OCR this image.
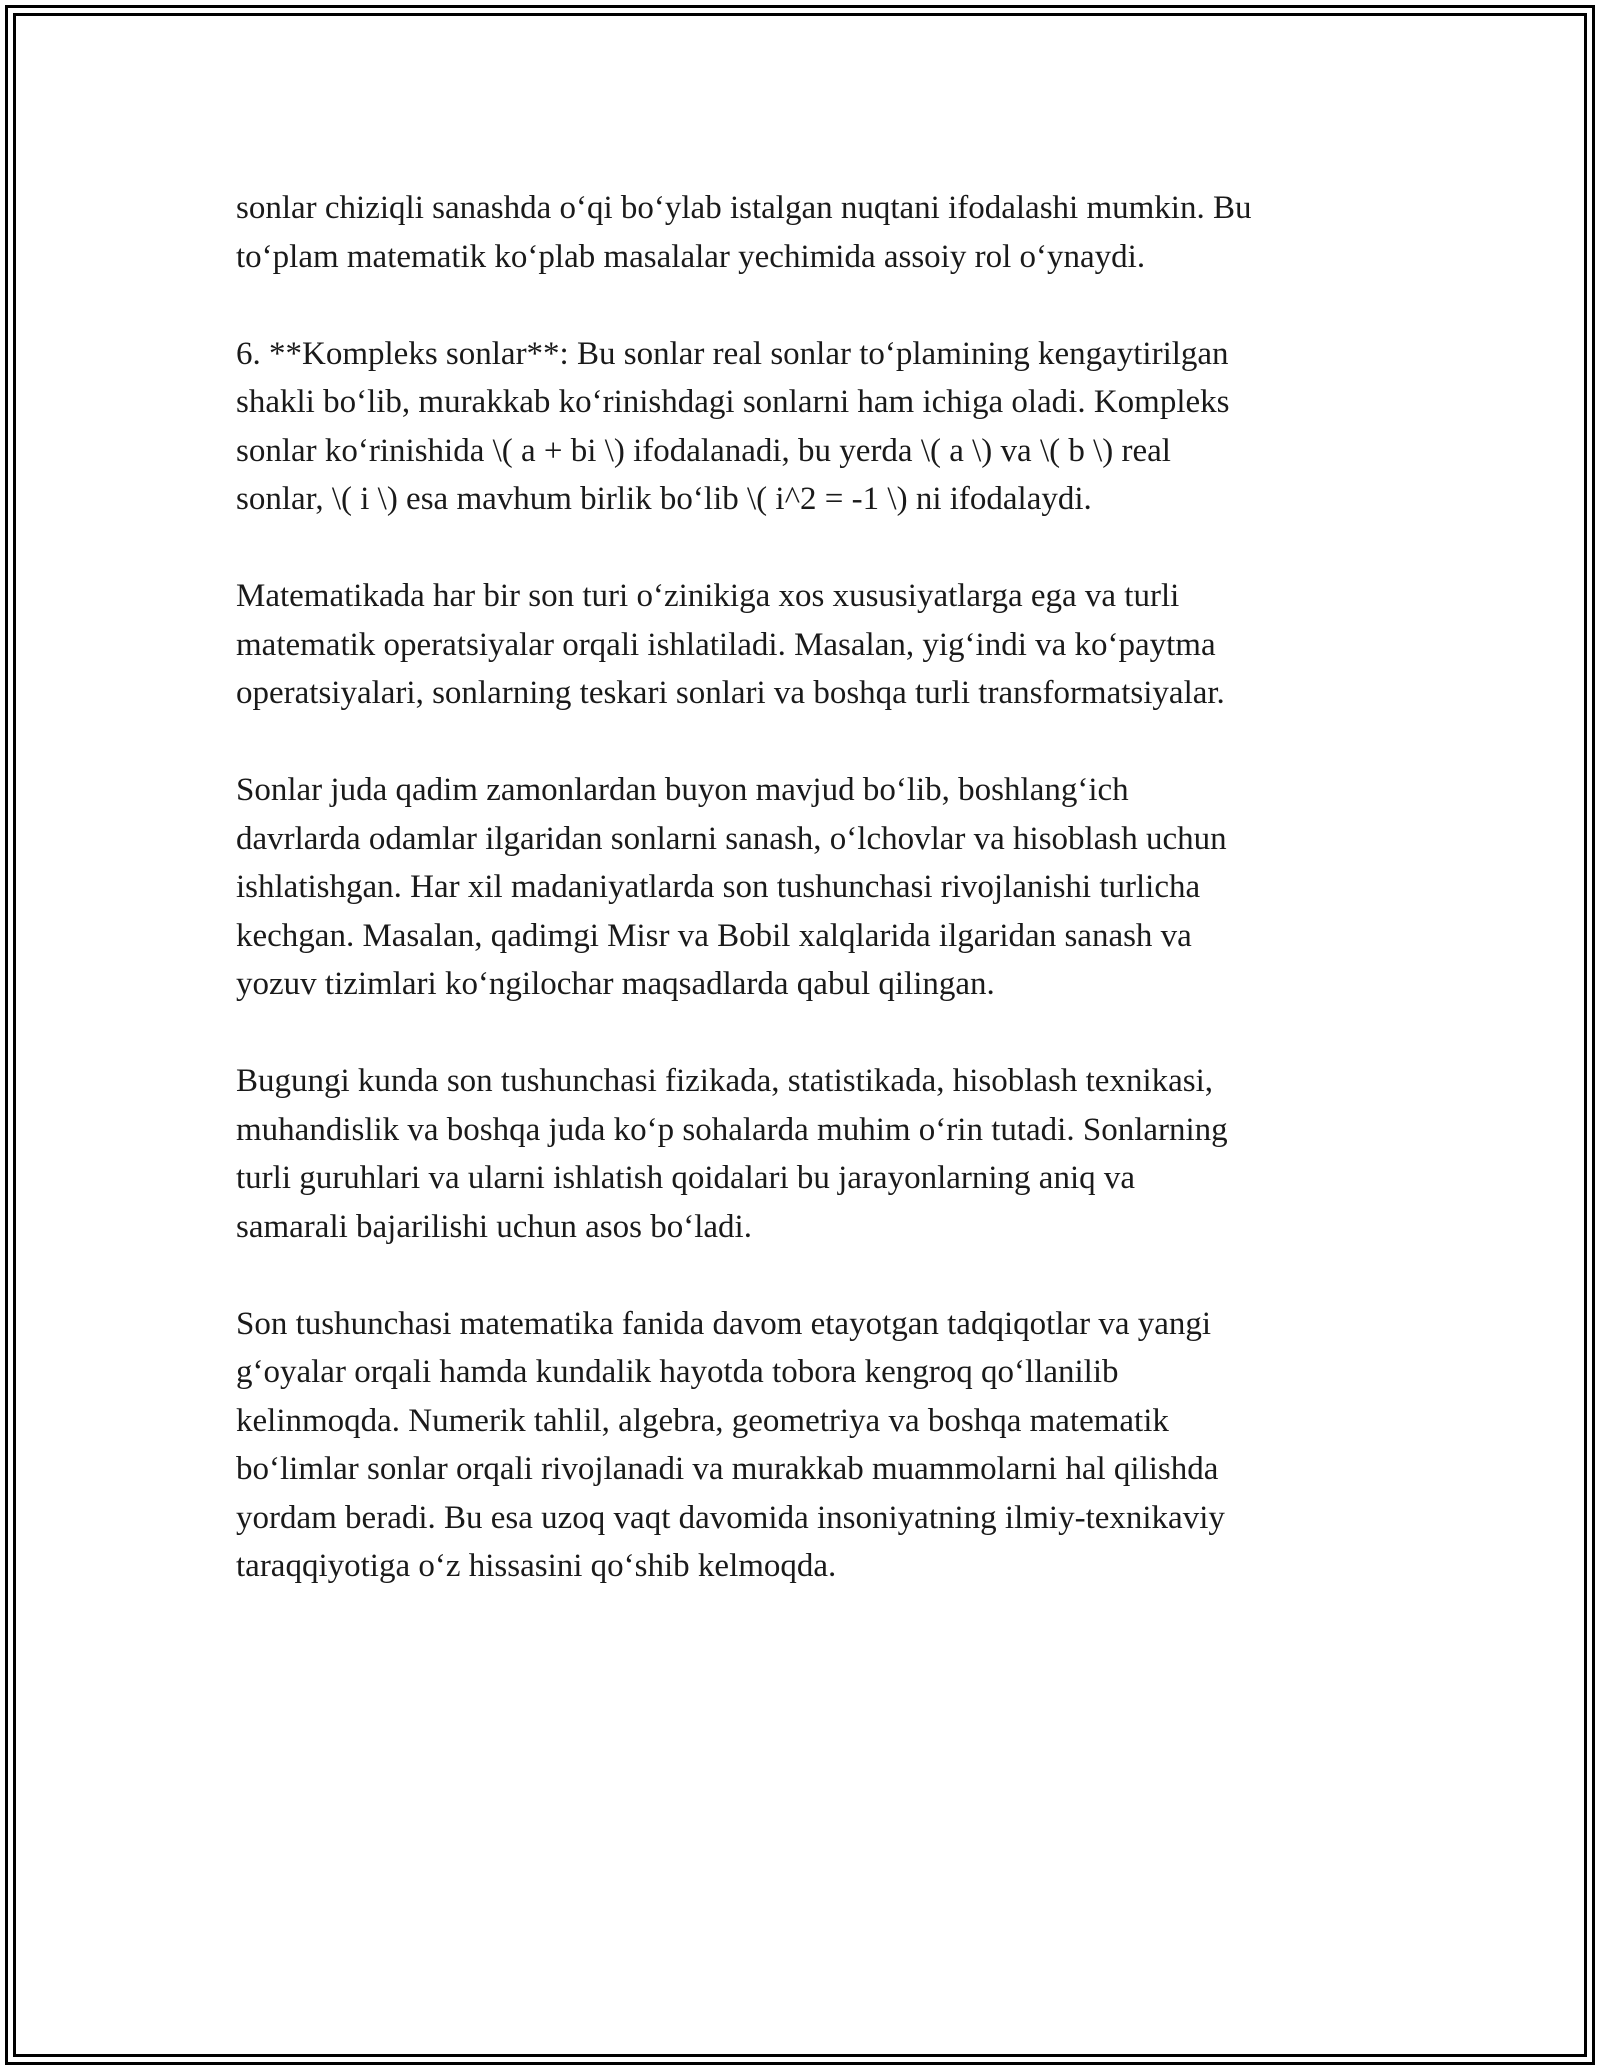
sonlar chiziqli sanashda o‘qi bo‘ylab istalgan nuqtani ifodalashi mumkin. Bu
to‘plam matematik ko‘plab masalalar yechimida assoiy rol o‘ynaydi.

6. **Kompleks sonlar**: Bu sonlar real sonlar to‘plamining kengaytirilgan
shakli bo‘lib, murakkab ko‘rinishdagi sonlarni ham ichiga oladi. Kompleks
sonlar ko‘rinishida \( a + bi \) ifodalanadi, bu yerda \( a \) va \( b \) real
sonlar, \( i \) esa mavhum birlik bo‘lib \( i^2 = -1 \) ni ifodalaydi.

Matematikada har bir son turi o‘zinikiga xos xususiyatlarga ega va turli
matematik operatsiyalar orqali ishlatiladi. Masalan, yig‘indi va ko‘paytma
operatsiyalari, sonlarning teskari sonlari va boshqa turli transformatsiyalar.

Sonlar juda qadim zamonlardan buyon mavjud bo‘lib, boshlang‘ich
davrlarda odamlar ilgaridan sonlarni sanash, o‘lchovlar va hisoblash uchun
ishlatishgan. Har xil madaniyatlarda son tushunchasi rivojlanishi turlicha
kechgan. Masalan, qadimgi Misr va Bobil xalqlarida ilgaridan sanash va
yozuv tizimlari ko‘ngilochar maqsadlarda qabul qilingan.

Bugungi kunda son tushunchasi fizikada, statistikada, hisoblash texnikasi,
muhandislik va boshqa juda ko‘p sohalarda muhim o‘rin tutadi. Sonlarning
turli guruhlari va ularni ishlatish qoidalari bu jarayonlarning aniq va
samarali bajarilishi uchun asos bo‘ladi.

Son tushunchasi matematika fanida davom etayotgan tadqiqotlar va yangi
g‘oyalar orqali hamda kundalik hayotda tobora kengroq qo‘llanilib
kelinmoqda. Numerik tahlil, algebra, geometriya va boshqa matematik
bo‘limlar sonlar orqali rivojlanadi va murakkab muammolarni hal qilishda
yordam beradi. Bu esa uzoq vaqt davomida insoniyatning ilmiy-texnikaviy
taraqqiyotiga o‘z hissasini qo‘shib kelmoqda.
